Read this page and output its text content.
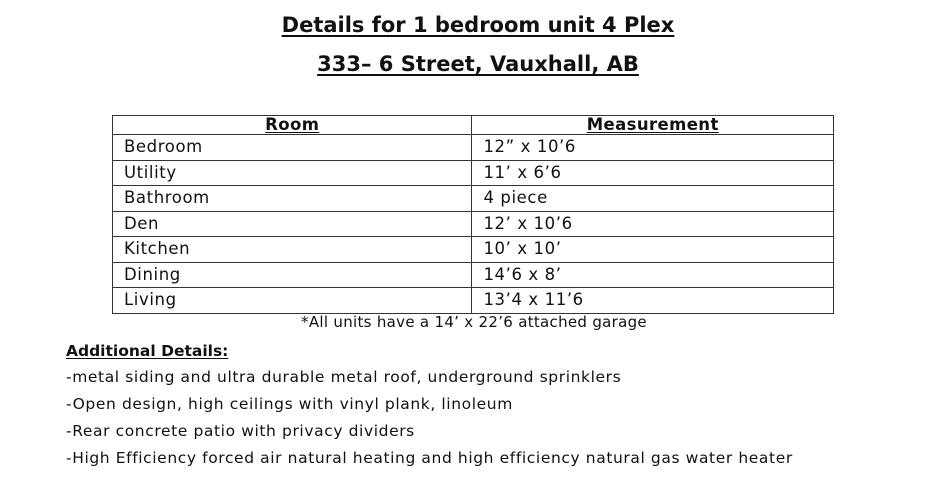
Details for 1 bedroom unit 4 Plex
333– 6 Street, Vauxhall, AB
Room	Measurement
Bedroom	12” x 10’6
Utility	11’ x 6’6
Bathroom	4 piece
Den	12’ x 10’6
Kitchen	10’ x 10’
Dining	14’6 x 8’
Living	13’4 x 11’6
*All units have a 14’ x 22’6 attached garage
Additional Details:
-metal siding and ultra durable metal roof, underground sprinklers
-Open design, high ceilings with vinyl plank, linoleum
-Rear concrete patio with privacy dividers
-High Efficiency forced air natural heating and high efficiency natural gas water heater
